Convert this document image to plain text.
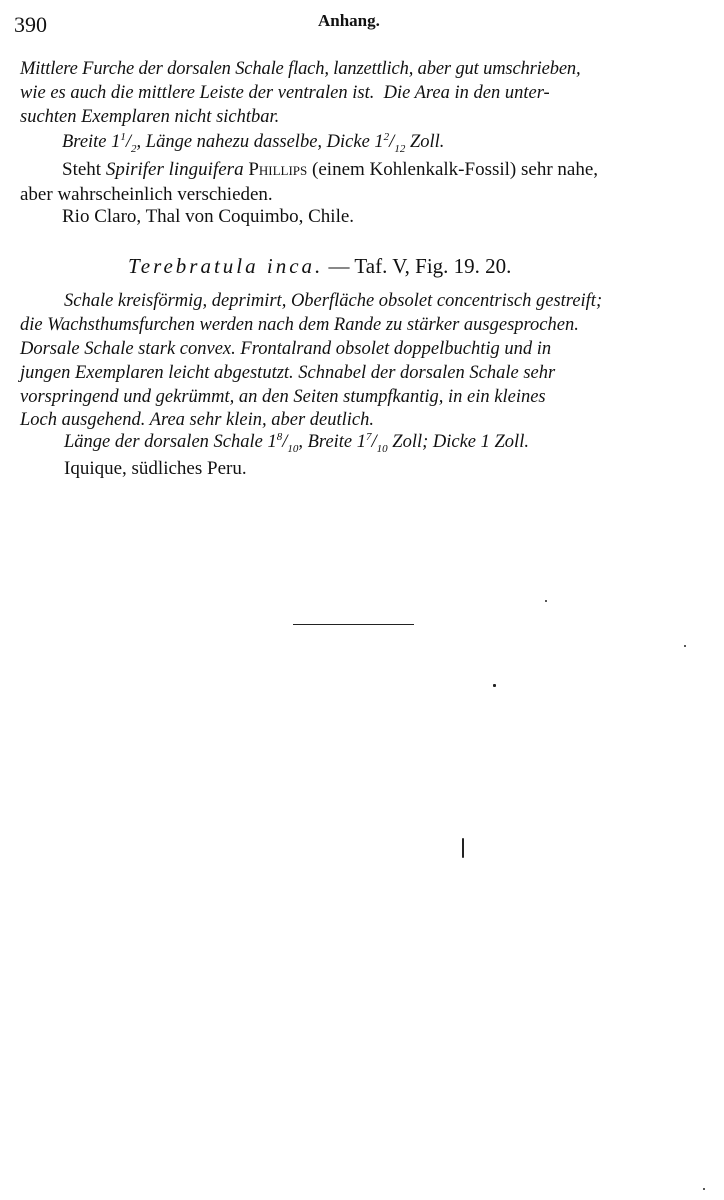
390	Anhang.
Mittlere Furche der dorsalen Schale flach, lanzettlich, aber gut umschrieben,
wie es auch die mittlere Leiste der ventralen ist. Die Area in den unter-
suchten Exemplaren nicht sichtbar.
Breite $1^1/_2$, Länge nahezu dasselbe, Dicke $1^2/_{12}$ Zoll.
Steht Spirifer linguifera Phillips (einem Kohlenkalk-Fossil) sehr nahe,
aber wahrscheinlich verschieden.
Rio Claro, Thal von Coquimbo, Chile.
Terebratula inca. — Taf. V, Fig. 19. 20.
Schale kreisförmig, deprimirt, Oberfläche obsolet concentrisch gestreift;
die Wachsthumsfurchen werden nach dem Rande zu stärker ausgesprochen.
Dorsale Schale stark convex. Frontalrand obsolet doppelbuchtig und in
jungen Exemplaren leicht abgestutzt. Schnabel der dorsalen Schale sehr
vorspringend und gekrümmt, an den Seiten stumpfkantig, in ein kleines
Loch ausgehend. Area sehr klein, aber deutlich.
Länge der dorsalen Schale $1^8/_{10}$, Breite $1^7/_{10}$ Zoll; Dicke 1 Zoll.
Iquique, südliches Peru.
